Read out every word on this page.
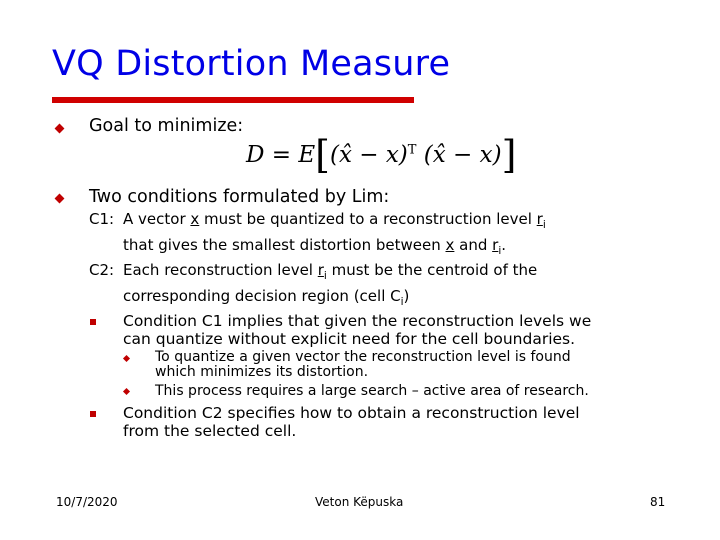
VQ Distortion Measure
Goal to minimize:
D = E[(x̂ − x)$^T$ (x̂ − x)]
Two conditions formulated by Lim:
C1: A vector x must be quantized to a reconstruction level $r_i$
that gives the smallest distortion between x and $r_i$.
C2: Each reconstruction level $r_i$ must be the centroid of the
corresponding decision region (cell $C_i$)
Condition C1 implies that given the reconstruction levels we
can quantize without explicit need for the cell boundaries.
To quantize a given vector the reconstruction level is found
which minimizes its distortion.
This process requires a large search – active area of research.
Condition C2 specifies how to obtain a reconstruction level
from the selected cell.
10/7/2020	Veton Këpuska	81
